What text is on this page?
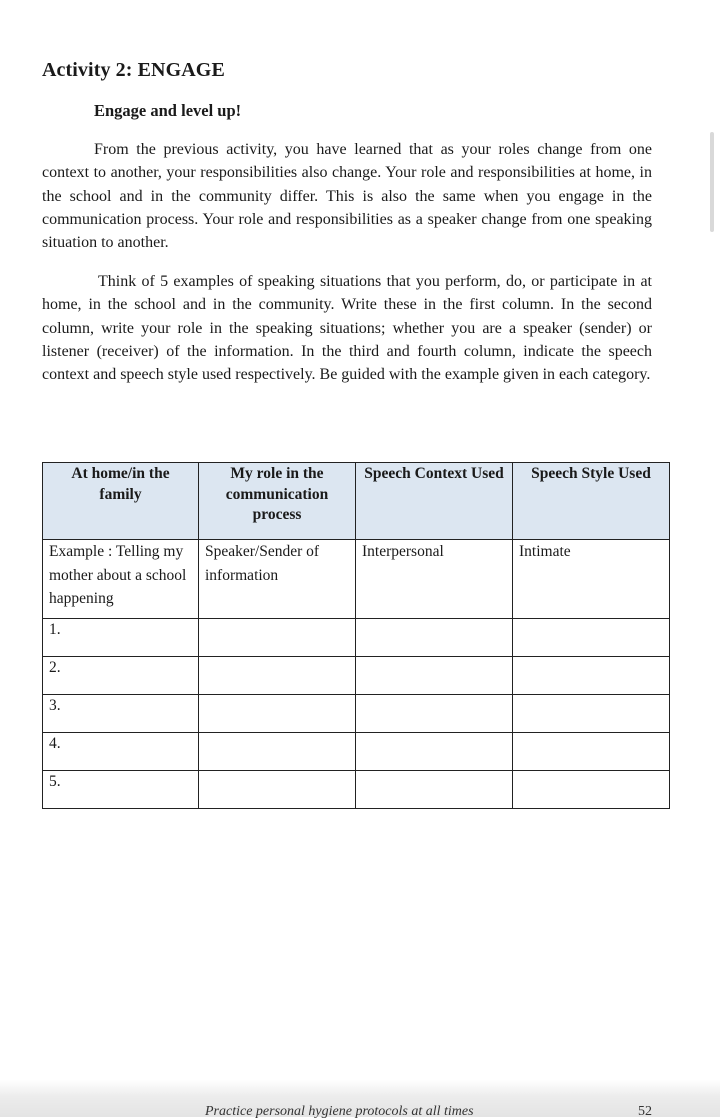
Activity 2: ENGAGE
Engage and level up!

From the previous activity, you have learned that as your roles change from one context to another, your responsibilities also change. Your role and responsibilities at home, in the school and in the community differ. This is also the same when you engage in the communication process. Your role and responsibilities as a speaker change from one speaking situation to another.

Think of 5 examples of speaking situations that you perform, do, or participate in at home, in the school and in the community. Write these in the first column. In the second column, write your role in the speaking situations; whether you are a speaker (sender) or listener (receiver) of the information. In the third and fourth column, indicate the speech context and speech style used respectively. Be guided with the example given in each category.

At home/in the family	My role in the communication process	Speech Context Used	Speech Style Used
Example : Telling my mother about a school happening	Speaker/Sender of information	Interpersonal	Intimate
1.			
2.			
3.			
4.			
5.			
Practice personal hygiene protocols at all times	52
